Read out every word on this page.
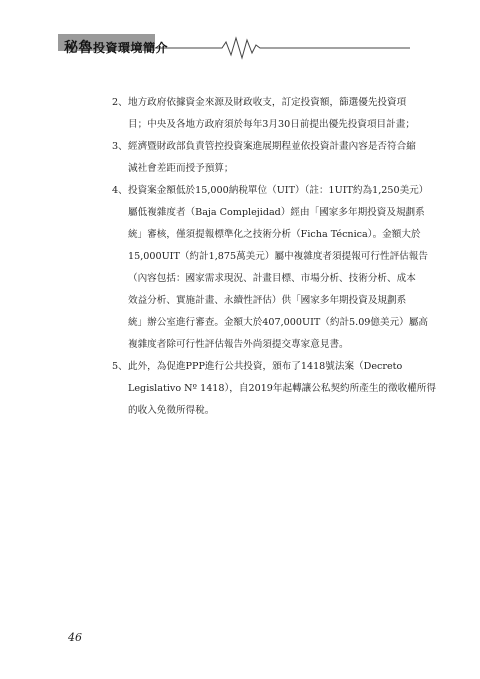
秘魯投資環境簡介
2、 地方政府依據資金來源及財政收支，訂定投資額，篩選優先投資項
目；中央及各地方政府須於每年3月30日前提出優先投資項目計畫；
3、 經濟暨財政部負責管控投資案進展期程並依投資計畫內容是否符合縮
減社會差距而授予預算；
4、 投資案金額低於15,000納稅單位（UIT）（註：1UIT約為1,250美元）
屬低複雜度者（Baja Complejidad）經由「國家多年期投資及規劃系
統」審核，僅須提報標準化之技術分析（Ficha Técnica）。金額大於
15,000UIT（約計1,875萬美元）屬中複雜度者須提報可行性評估報告
（內容包括：國家需求現況、計畫目標、市場分析、技術分析、成本
效益分析、實施計畫、永續性評估）供「國家多年期投資及規劃系
統」辦公室進行審查。金額大於407,000UIT（約計5.09億美元）屬高
複雜度者除可行性評估報告外尚須提交專家意見書。
5、 此外，為促進PPP進行公共投資，頒布了1418號法案（Decreto
Legislativo Nº 1418），自2019年起轉讓公私契約所產生的徵收權所得
的收入免徵所得稅。
46
